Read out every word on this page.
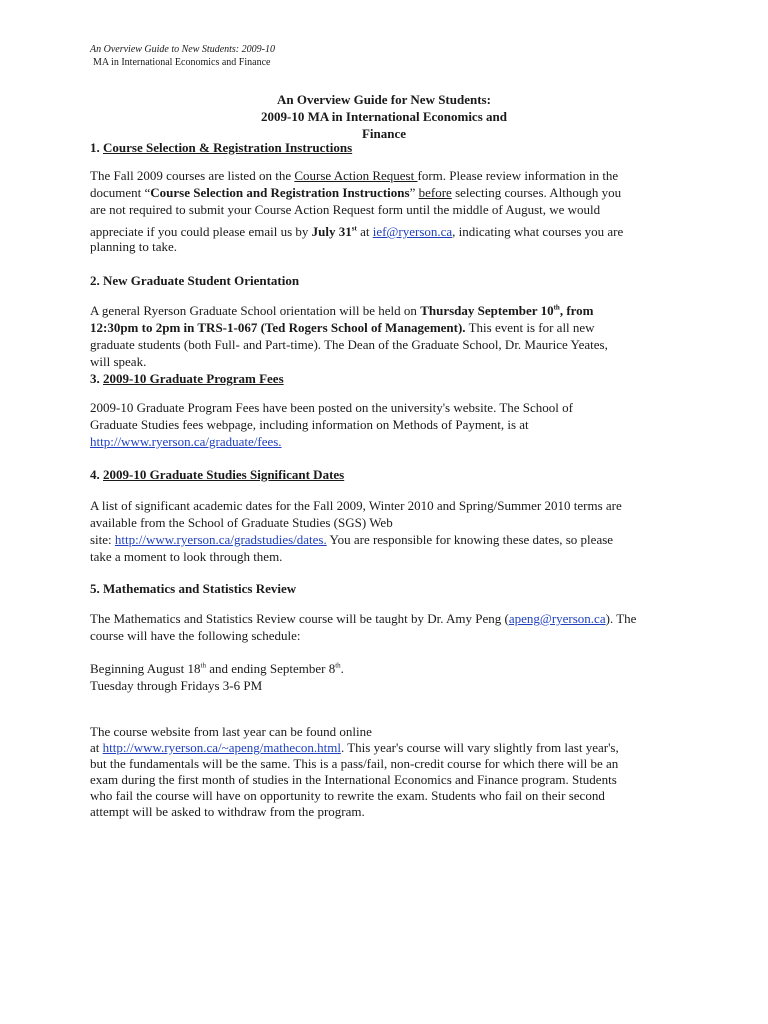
An Overview Guide to New Students: 2009-10
MA in International Economics and Finance
An Overview Guide for New Students:
2009-10 MA in International Economics and
Finance
1. Course Selection & Registration Instructions
The Fall 2009 courses are listed on the Course Action Request form. Please review information in the
document “Course Selection and Registration Instructions” before selecting courses. Although you
are not required to submit your Course Action Request form until the middle of August, we would
appreciate if you could please email us by July 31st at ief@ryerson.ca, indicating what courses you are
planning to take.
2. New Graduate Student Orientation
A general Ryerson Graduate School orientation will be held on Thursday September 10th, from
12:30pm to 2pm in TRS-1-067 (Ted Rogers School of Management). This event is for all new
graduate students (both Full- and Part-time). The Dean of the Graduate School, Dr. Maurice Yeates,
will speak.
3. 2009-10 Graduate Program Fees
2009-10 Graduate Program Fees have been posted on the university's website. The School of
Graduate Studies fees webpage, including information on Methods of Payment, is at
http://www.ryerson.ca/graduate/fees.
4. 2009-10 Graduate Studies Significant Dates
A list of significant academic dates for the Fall 2009, Winter 2010 and Spring/Summer 2010 terms are
available from the School of Graduate Studies (SGS) Web
site: http://www.ryerson.ca/gradstudies/dates. You are responsible for knowing these dates, so please
take a moment to look through them.
5. Mathematics and Statistics Review
The Mathematics and Statistics Review course will be taught by Dr. Amy Peng (apeng@ryerson.ca). The
course will have the following schedule:
Beginning August 18th and ending September 8th.
Tuesday through Fridays 3-6 PM
The course website from last year can be found online
at http://www.ryerson.ca/~apeng/mathecon.html. This year's course will vary slightly from last year's,
but the fundamentals will be the same. This is a pass/fail, non-credit course for which there will be an
exam during the first month of studies in the International Economics and Finance program. Students
who fail the course will have on opportunity to rewrite the exam. Students who fail on their second
attempt will be asked to withdraw from the program.
